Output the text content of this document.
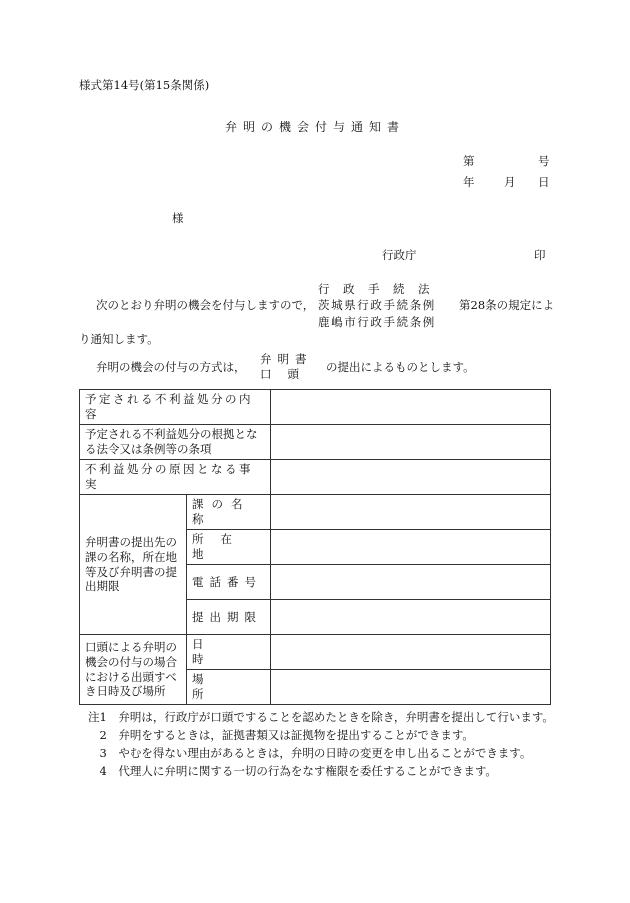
様式第14号(第15条関係)
弁明の機会付与通知書
第	号
年	月 日
様
行政庁	印
行政手続法
茨城県行政手続条例
鹿嶋市行政手続条例
次のとおり弁明の機会を付与しますので，	第28条の規定によ
り通知します。
弁明の機会の付与の方式は，
弁明書
口頭 の提出によるものとします。
予定される不利益処分の内容		
予定される不利益処分の根拠となる法令又は条例等の条項		
不利益処分の原因となる事実		
弁明書の提出先の課の名称，所在地等及び弁明書の提出期限	課の名称	
	所在地	
	電話番号	
	提出期限	
口頭による弁明の機会の付与の場合における出頭すべき日時及び場所	日時	
	場所	
注1　弁明は，行政庁が口頭ですることを認めたときを除き，弁明書を提出して行います。
　2　弁明をするときは，証拠書類又は証拠物を提出することができます。
　3　やむを得ない理由があるときは，弁明の日時の変更を申し出ることができます。
　4　代理人に弁明に関する一切の行為をなす権限を委任することができます。
